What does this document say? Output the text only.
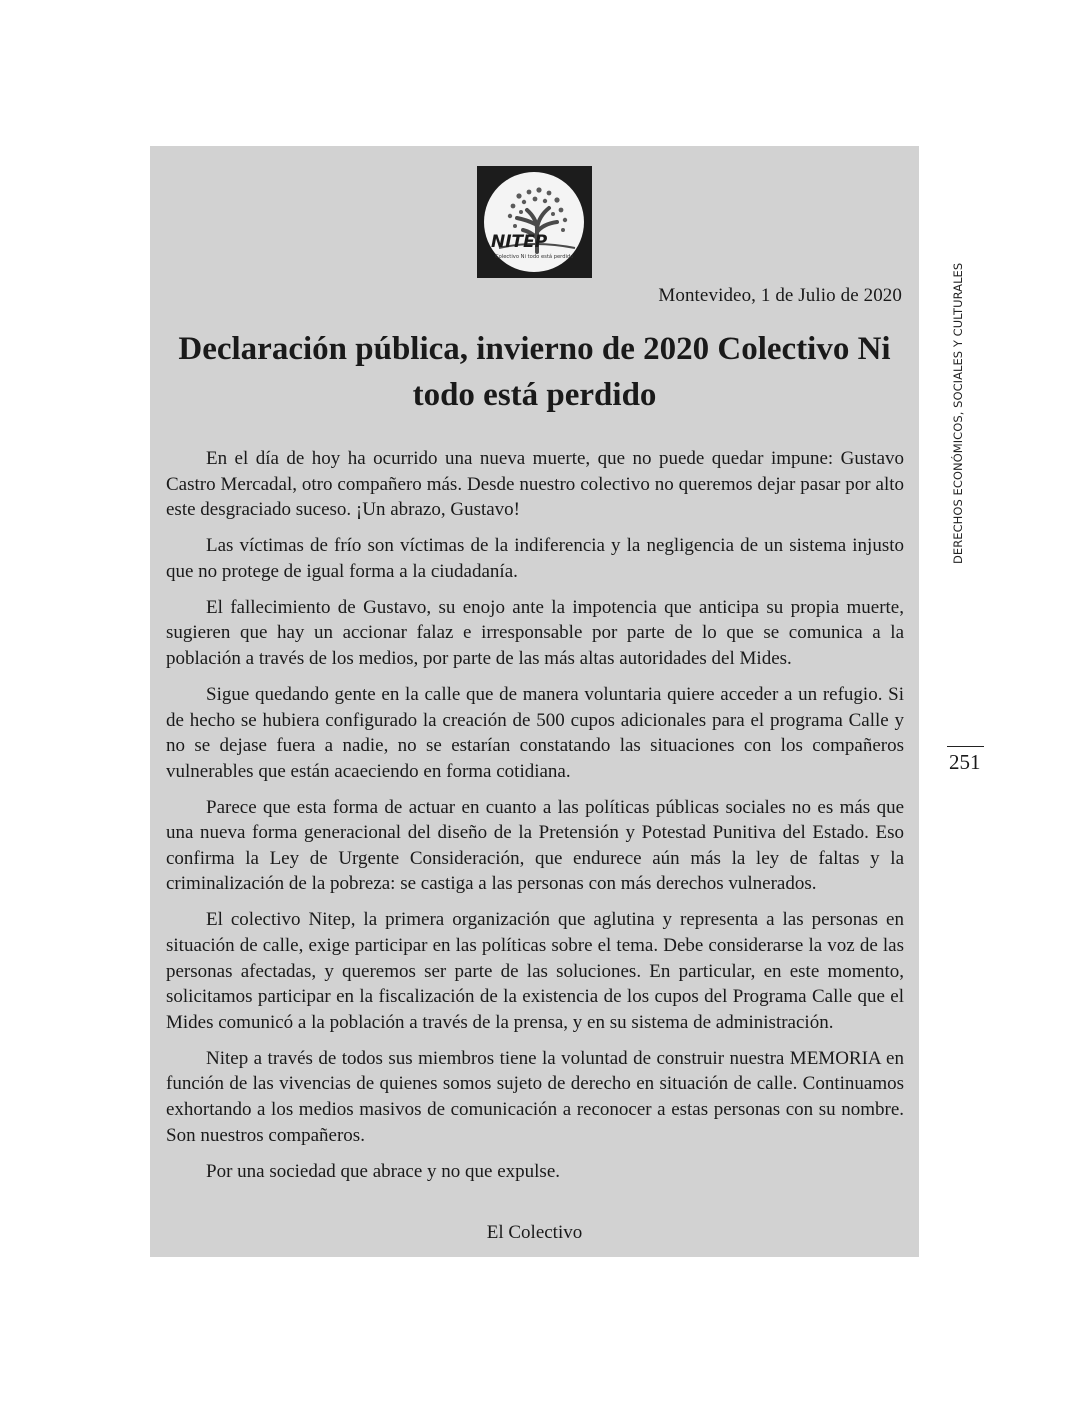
NITEP
Colectivo Ni todo está perdido
Montevideo, 1 de Julio de 2020
Declaración pública, invierno de 2020 Colectivo Ni todo está perdido

En el día de hoy ha ocurrido una nueva muerte, que no puede quedar impune: Gustavo Castro Mercadal, otro compañero más. Desde nuestro colectivo no queremos dejar pasar por alto este desgraciado suceso. ¡Un abrazo, Gustavo!

Las víctimas de frío son víctimas de la indiferencia y la negligencia de un sistema injusto que no protege de igual forma a la ciudadanía.

El fallecimiento de Gustavo, su enojo ante la impotencia que anticipa su propia muerte, sugieren que hay un accionar falaz e irresponsable por parte de lo que se comunica a la población a través de los medios, por parte de las más altas autoridades del Mides.

Sigue quedando gente en la calle que de manera voluntaria quiere acceder a un refugio. Si de hecho se hubiera configurado la creación de 500 cupos adicionales para el programa Calle y no se dejase fuera a nadie, no se estarían constatando las situaciones con los compañeros vulnerables que están acaeciendo en forma cotidiana.

Parece que esta forma de actuar en cuanto a las políticas públicas sociales no es más que una nueva forma generacional del diseño de la Pretensión y Potestad Punitiva del Estado. Eso confirma la Ley de Urgente Consideración, que endurece aún más la ley de faltas y la criminalización de la pobreza: se castiga a las personas con más derechos vulnerados.

El colectivo Nitep, la primera organización que aglutina y representa a las personas en situación de calle, exige participar en las políticas sobre el tema. Debe considerarse la voz de las personas afectadas, y queremos ser parte de las soluciones. En particular, en este momento, solicitamos participar en la fiscalización de la existencia de los cupos del Programa Calle que el Mides comunicó a la población a través de la prensa, y en su sistema de administración.

Nitep a través de todos sus miembros tiene la voluntad de construir nuestra MEMORIA en función de las vivencias de quienes somos sujeto de derecho en situación de calle. Continuamos exhortando a los medios masivos de comunicación a reconocer a estas personas con su nombre. Son nuestros compañeros.

Por una sociedad que abrace y no que expulse.

El Colectivo
DERECHOS ECONÓMICOS, SOCIALES Y CULTURALES
251
